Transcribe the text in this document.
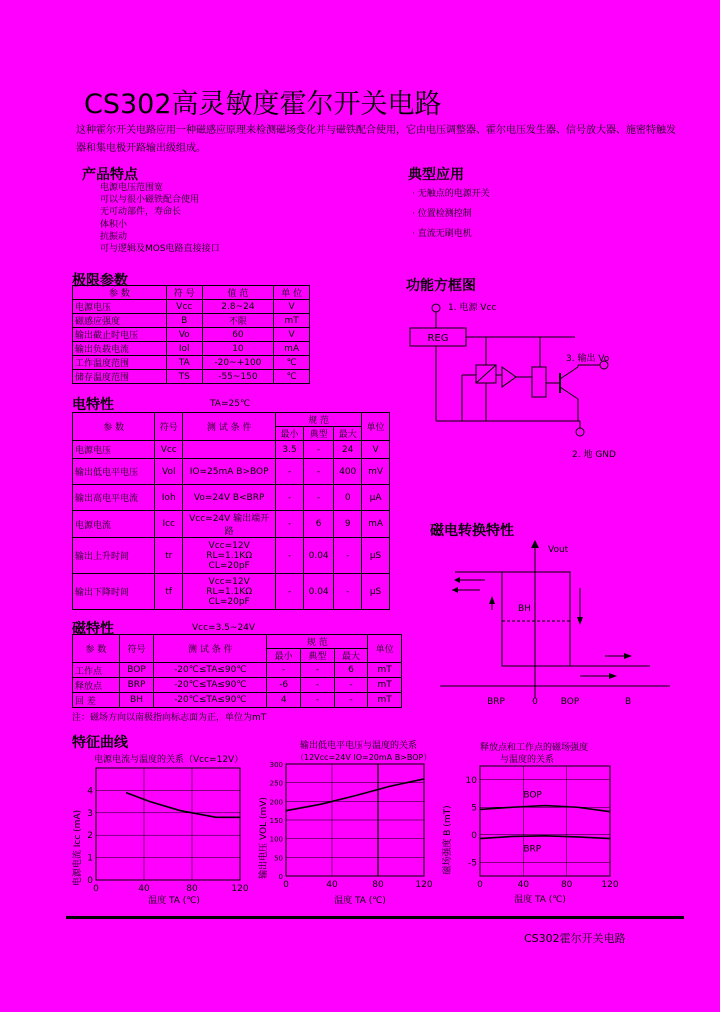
CS302高灵敏度霍尔开关电路
这种霍尔开关电路应用一种磁感应原理来检测磁场变化并与磁铁配合使用，它由电压调整器、霍尔电压发生器、信号放大器、施密特触发器和集电极开路输出级组成。
产品特点
电源电压范围宽
可以与很小磁铁配合使用
无可动部件，寿命长
体积小
抗振动
可与逻辑及MOS电路直接接口
典型应用
· 无触点的电源开关
· 位置检测控制
· 直流无刷电机
极限参数
参 数	符 号	值 范	单 位
电源电压	Vcc	2.8~24	V
磁感应强度	B	不限	mT
输出截止时电压	Vo	60	V
输出负载电流	Iol	10	mA
工作温度范围	TA	-20~+100	℃
储存温度范围	TS	-55~150	℃
功能方框图
1. 电源 Vcc
REG
3. 输出 Vo
2. 地 GND
电特性	TA=25℃
参 数	符号	测 试 条 件	规 范			单位
			最小	典型	最大	
电源电压	Vcc		3.5	-	24	V
输出低电平电压	Vol	IO=25mA B>BOP	-	-	400	mV
输出高电平电流	Ioh	Vo=24V B<BRP	-	-	0	μA
电源电流	Icc	Vcc=24V 输出端开路	-	6	9	mA
输出上升时间	tr	Vcc=12V RL=1.1KΩ CL=20pF	-	0.04	-	μS
输出下降时间	tf	Vcc=12V RL=1.1KΩ CL=20pF	-	0.04	-	μS
磁特性	Vcc=3.5~24V
参 数	符号	测 试 条 件	规 范			单位
			最小	典型	最大	
工作点	BOP	-20℃≤TA≤90℃	-	-	6	mT
释放点	BRP	-20℃≤TA≤90℃	-6	-	-	mT
回 差	BH	-20℃≤TA≤90℃	4	-	-	mT
注：磁场方向以南极指向标志面为正，单位为mT
磁电转换特性
Vout
BH
BRP	0	BOP	B
特征曲线
电源电流与温度的关系（Vcc=12V）
电源电流 Icc (mA)
温度 TA (℃)
0	40	80	120
0
1
2
3
4
输出低电平电压与温度的关系
（12Vcc=24V IO=20mA B>BOP）
输出电压 VOL (mV)
温度 TA (℃)
0	40	80	120
0
50
100
150
200
250
300
释放点和工作点的磁场强度
与温度的关系
磁场强度 B (mT)
温度 TA (℃)
0	40	80	120
10
5
0
-5
BOP
BRP
CS302霍尔开关电路
